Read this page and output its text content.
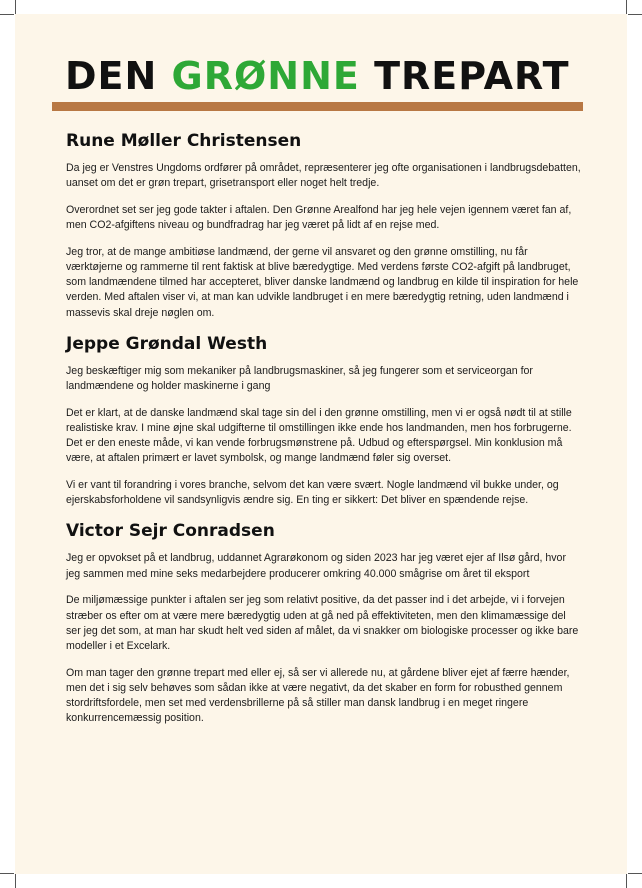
DEN GRØNNE TREPART
Rune Møller Christensen

Da jeg er Venstres Ungdoms ordfører på området, repræsenterer jeg ofte organisationen i landbrugsdebatten, uanset om det er grøn trepart, grisetransport eller noget helt tredje.

Overordnet set ser jeg gode takter i aftalen. Den Grønne Arealfond har jeg hele vejen igennem været fan af, men CO2-afgiftens niveau og bundfradrag har jeg været på lidt af en rejse med.

Jeg tror, at de mange ambitiøse landmænd, der gerne vil ansvaret og den grønne omstilling, nu får værktøjerne og rammerne til rent faktisk at blive bæredygtige. Med verdens første CO2-afgift på landbruget, som landmændene tilmed har accepteret, bliver danske landmænd og landbrug en kilde til inspiration for hele verden. Med aftalen viser vi, at man kan udvikle landbruget i en mere bæredygtig retning, uden landmænd i massevis skal dreje nøglen om.

Jeppe Grøndal Westh

Jeg beskæftiger mig som mekaniker på landbrugsmaskiner, så jeg fungerer som et serviceorgan for landmændene og holder maskinerne i gang

Det er klart, at de danske landmænd skal tage sin del i den grønne omstilling, men vi er også nødt til at stille realistiske krav. I mine øjne skal udgifterne til omstillingen ikke ende hos landmanden, men hos forbrugerne. Det er den eneste måde, vi kan vende forbrugsmønstrene på. Udbud og efterspørgsel. Min konklusion må være, at aftalen primært er lavet symbolsk, og mange landmænd føler sig overset.

Vi er vant til forandring i vores branche, selvom det kan være svært. Nogle landmænd vil bukke under, og ejerskabsforholdene vil sandsynligvis ændre sig. En ting er sikkert: Det bliver en spændende rejse.

Victor Sejr Conradsen

Jeg er opvokset på et landbrug, uddannet Agrarøkonom og siden 2023 har jeg været ejer af Ilsø gård, hvor jeg sammen med mine seks medarbejdere producerer omkring 40.000 smågrise om året til eksport

De miljømæssige punkter i aftalen ser jeg som relativt positive, da det passer ind i det arbejde, vi i forvejen stræber os efter om at være mere bæredygtig uden at gå ned på effektiviteten, men den klimamæssige del ser jeg det som, at man har skudt helt ved siden af målet, da vi snakker om biologiske processer og ikke bare modeller i et Excelark.

Om man tager den grønne trepart med eller ej, så ser vi allerede nu, at gårdene bliver ejet af færre hænder, men det i sig selv behøves som sådan ikke at være negativt, da det skaber en form for robusthed gennem stordriftsfordele, men set med verdensbrillerne på så stiller man dansk landbrug i en meget ringere konkurrencemæssig position.
